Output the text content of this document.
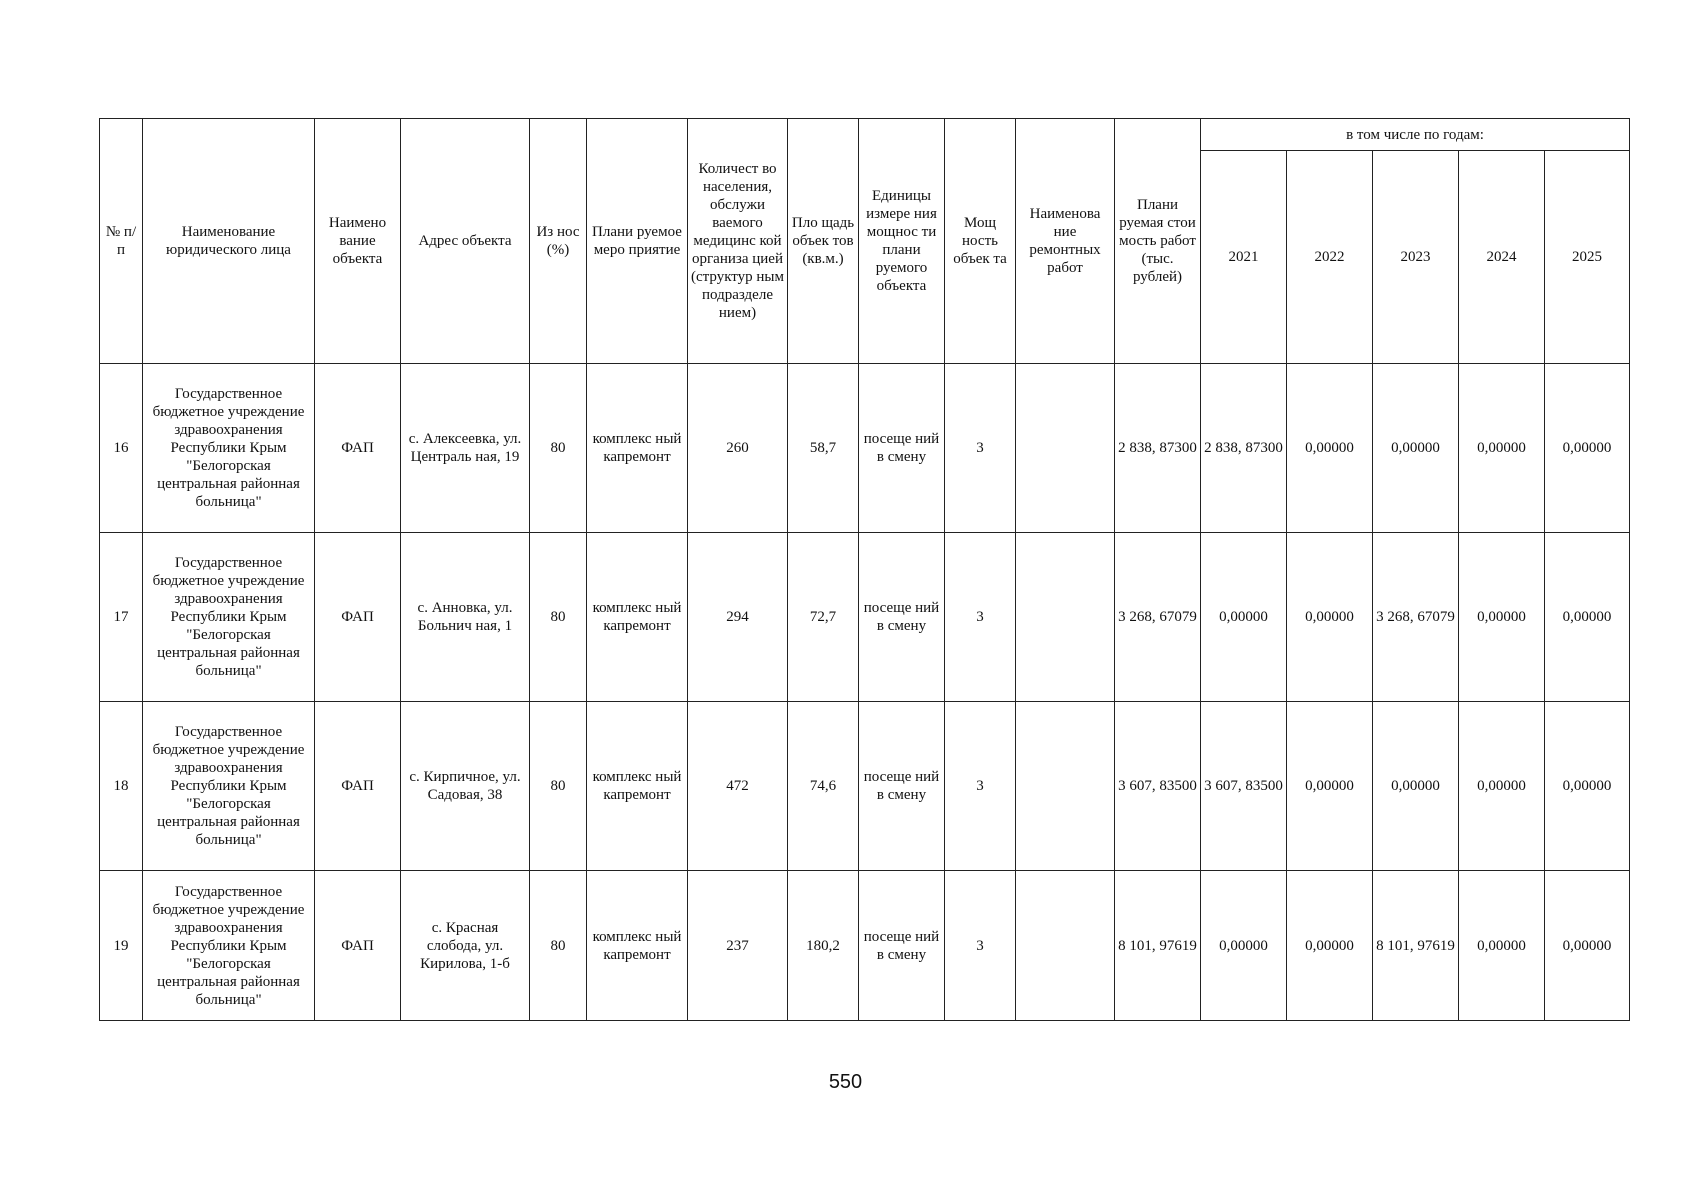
№ п/п	Наименование юридического лица	Наимено вание объекта	Адрес объекта	Из нос (%)	Плани руемое меро приятие	Количест во населения, обслужи ваемого медицинс кой организа цией (структур ным подразделе нием)	Пло щадь объек тов (кв.м.)	Единицы измере ния мощнос ти плани руемого объекта	Мощ ность объек та	Наименова ние ремонтных работ	Плани руемая стои мость работ (тыс. рублей)	в том числе по годам:				
												2021	2022	2023	2024	2025
16	Государственное бюджетное учреждение здравоохранения Республики Крым "Белогорская центральная районная больница"	ФАП	с. Алексеевка, ул. Централь ная, 19	80	комплекс ный капремонт	260	58,7	посеще ний в смену	3		2 838, 87300	2 838, 87300	0,00000	0,00000	0,00000	0,00000
17	Государственное бюджетное учреждение здравоохранения Республики Крым "Белогорская центральная районная больница"	ФАП	с. Анновка, ул. Больнич ная, 1	80	комплекс ный капремонт	294	72,7	посеще ний в смену	3		3 268, 67079	0,00000	0,00000	3 268, 67079	0,00000	0,00000
18	Государственное бюджетное учреждение здравоохранения Республики Крым "Белогорская центральная районная больница"	ФАП	с. Кирпичное, ул. Садовая, 38	80	комплекс ный капремонт	472	74,6	посеще ний в смену	3		3 607, 83500	3 607, 83500	0,00000	0,00000	0,00000	0,00000
19	Государственное бюджетное учреждение здравоохранения Республики Крым "Белогорская центральная районная больница"	ФАП	с. Красная слобода, ул. Кирилова, 1-б	80	комплекс ный капремонт	237	180,2	посеще ний в смену	3		8 101, 97619	0,00000	0,00000	8 101, 97619	0,00000	0,00000
550
